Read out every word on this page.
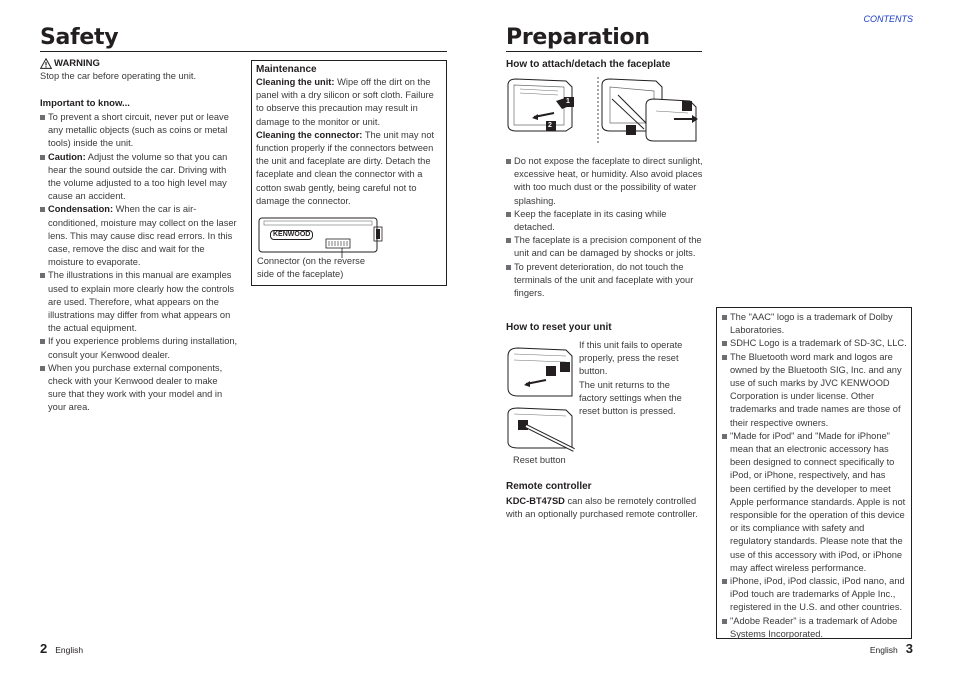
CONTENTS
Safety
WARNING
Stop the car before operating the unit.
Important to know...
To prevent a short circuit, never put or leave any metallic objects (such as coins or metal tools) inside the unit.
Caution: Adjust the volume so that you can hear the sound outside the car. Driving with the volume adjusted to a too high level may cause an accident.
Condensation: When the car is air-conditioned, moisture may collect on the laser lens. This may cause disc read errors. In this case, remove the disc and wait for the moisture to evaporate.
The illustrations in this manual are examples used to explain more clearly how the controls are used. Therefore, what appears on the illustrations may differ from what appears on the actual equipment.
If you experience problems during installation, consult your Kenwood dealer.
When you purchase external components, check with your Kenwood dealer to make sure that they work with your model and in your area.
Maintenance
Cleaning the unit: Wipe off the dirt on the panel with a dry silicon or soft cloth. Failure to observe this precaution may result in damage to the monitor or unit.
Cleaning the connector: The unit may not function properly if the connectors between the unit and faceplate are dirty. Detach the faceplate and clean the connector with a cotton swab gently, being careful not to damage the connector.
KENWOOD
Connector (on the reverse side of the faceplate)
Preparation
How to attach/detach the faceplate
2
1
Do not expose the faceplate to direct sunlight, excessive heat, or humidity. Also avoid places with too much dust or the possibility of water splashing.
Keep the faceplate in its casing while detached.
The faceplate is a precision component of the unit and can be damaged by shocks or jolts.
To prevent deterioration, do not touch the terminals of the unit and faceplate with your fingers.
How to reset your unit
If this unit fails to operate properly, press the reset button.
The unit returns to the factory settings when the reset button is pressed.
Reset button
Remote controller
KDC-BT47SD can also be remotely controlled with an optionally purchased remote controller.
The "AAC" logo is a trademark of Dolby Laboratories.
SDHC Logo is a trademark of SD-3C, LLC.
The Bluetooth word mark and logos are owned by the Bluetooth SIG, Inc. and any use of such marks by JVC KENWOOD Corporation is under license. Other trademarks and trade names are those of their respective owners.
"Made for iPod" and "Made for iPhone" mean that an electronic accessory has been designed to connect specifically to iPod, or iPhone, respectively, and has been certified by the developer to meet Apple performance standards. Apple is not responsible for the operation of this device or its compliance with safety and regulatory standards. Please note that the use of this accessory with iPod, or iPhone may affect wireless performance.
iPhone, iPod, iPod classic, iPod nano, and iPod touch are trademarks of Apple Inc., registered in the U.S. and other countries.
"Adobe Reader" is a trademark of Adobe Systems Incorporated.
2 English	English 3
